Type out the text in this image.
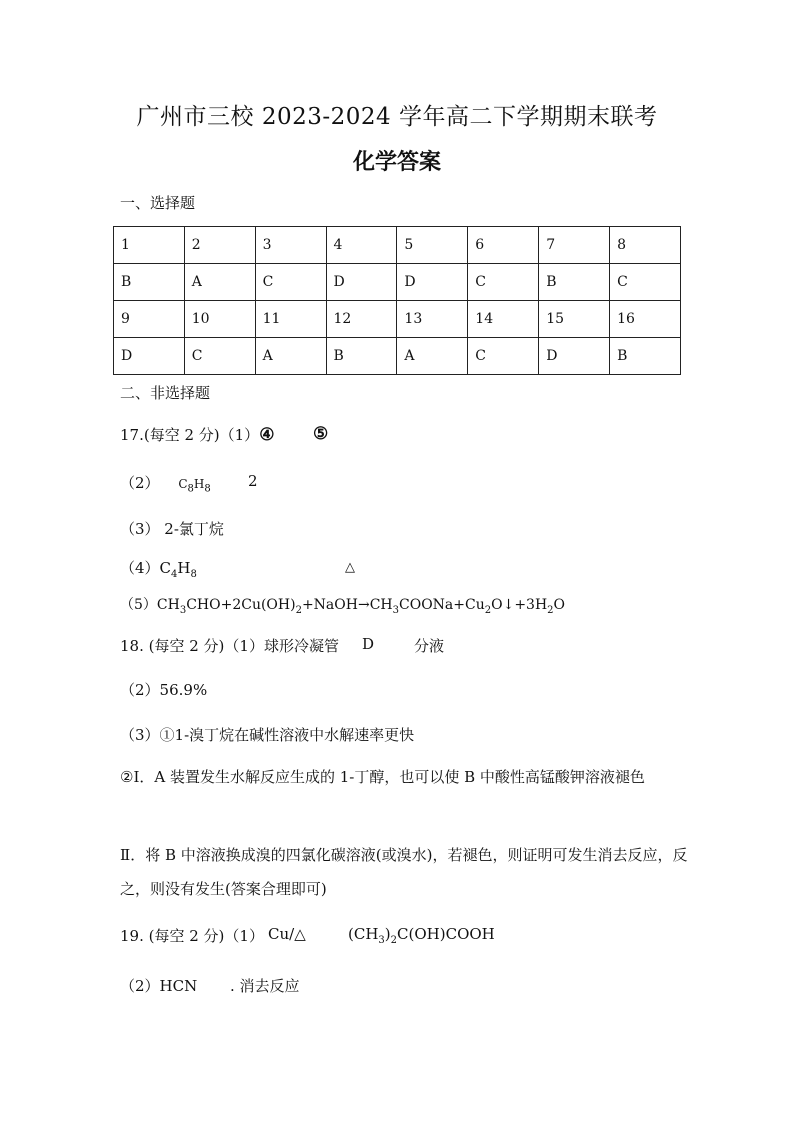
广州市三校 2023-2024 学年高二下学期期末联考
化学答案
一、选择题
1	2	3	4	5	6	7	8
B	A	C	D	D	C	B	C
9	10	11	12	13	14	15	16
D	C	A	B	A	C	D	B
二、非选择题
17.(每空 2 分)（1）④ ⑤
（2） $C_8H_8$ 2
（3） 2-氯丁烷
$(4)C_4H_8$	△
$(5)CH_3CHO+2Cu(OH)_2+NaOH\to CH_3COONa+Cu_2O↓+3H_2O$
18. (每空 2 分)（1）球形冷凝管 D	分液
（2）56.9%
（3）①1-溴丁烷在碱性溶液中水解速率更快
②Ⅰ．A 装置发生水解反应生成的 1-丁醇，也可以使 B 中酸性高锰酸钾溶液褪色
Ⅱ．将 B 中溶液换成溴的四氯化碳溶液(或溴水)，若褪色，则证明可发生消去反应，反之，则没有发生(答案合理即可)
19. (每空 2 分)（1） Cu/△	$(CH_3)_2C(OH)COOH$
（2）HCN . 消去反应
